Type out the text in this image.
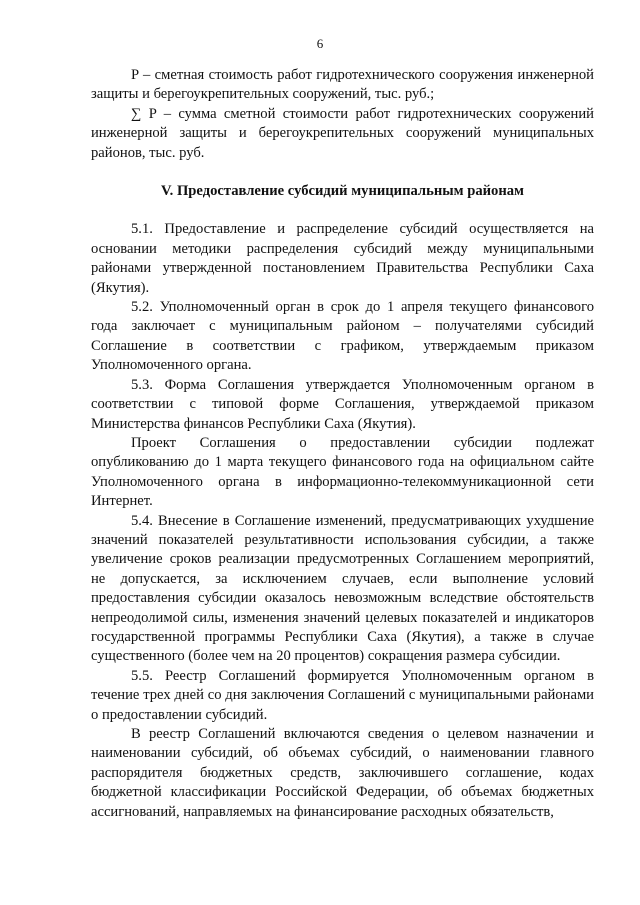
6

P – сметная стоимость работ гидротехнического сооружения инженерной защиты и берегоукрепительных сооружений, тыс. руб.;

∑ P – сумма сметной стоимости работ гидротехнических сооружений инженерной защиты и берегоукрепительных сооружений муниципальных районов, тыс. руб.

V. Предоставление субсидий муниципальным районам

5.1. Предоставление и распределение субсидий осуществляется на основании методики распределения субсидий между муниципальными районами утвержденной постановлением Правительства Республики Саха (Якутия).

5.2. Уполномоченный орган в срок до 1 апреля текущего финансового года заключает с муниципальным районом – получателями субсидий Соглашение в соответствии с графиком, утверждаемым приказом Уполномоченного органа.

5.3. Форма Соглашения утверждается Уполномоченным органом в соответствии с типовой форме Соглашения, утверждаемой приказом Министерства финансов Республики Саха (Якутия).

Проект Соглашения о предоставлении субсидии подлежат опубликованию до 1 марта текущего финансового года на официальном сайте Уполномоченного органа в информационно-телекоммуникационной сети Интернет.

5.4. Внесение в Соглашение изменений, предусматривающих ухудшение значений показателей результативности использования субсидии, а также увеличение сроков реализации предусмотренных Соглашением мероприятий, не допускается, за исключением случаев, если выполнение условий предоставления субсидии оказалось невозможным вследствие обстоятельств непреодолимой силы, изменения значений целевых показателей и индикаторов государственной программы Республики Саха (Якутия), а также в случае существенного (более чем на 20 процентов) сокращения размера субсидии.

5.5. Реестр Соглашений формируется Уполномоченным органом в течение трех дней со дня заключения Соглашений с муниципальными районами о предоставлении субсидий.

В реестр Соглашений включаются сведения о целевом назначении и наименовании субсидий, об объемах субсидий, о наименовании главного распорядителя бюджетных средств, заключившего соглашение, кодах бюджетной классификации Российской Федерации, об объемах бюджетных ассигнований, направляемых на финансирование расходных обязательств,
